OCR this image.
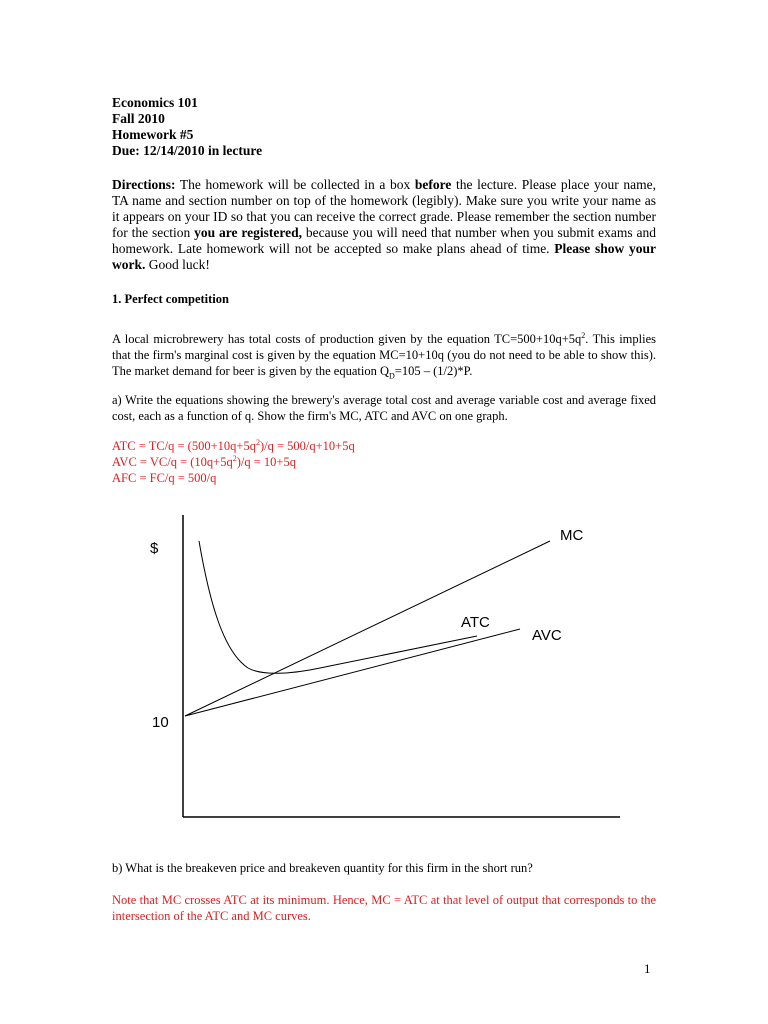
Economics 101
Fall 2010
Homework #5
Due: 12/14/2010 in lecture
Directions: The homework will be collected in a box before the lecture. Please place your name, TA name and section number on top of the homework (legibly). Make sure you write your name as it appears on your ID so that you can receive the correct grade. Please remember the section number for the section you are registered, because you will need that number when you submit exams and homework. Late homework will not be accepted so make plans ahead of time. Please show your work. Good luck!
1. Perfect competition
A local microbrewery has total costs of production given by the equation $TC=500+10q+5q^2$. This implies that the firm's marginal cost is given by the equation MC=10+10q (you do not need to be able to show this). The market demand for beer is given by the equation $Q_D=105 - (1/2)*P$.
a) Write the equations showing the brewery's average total cost and average variable cost and average fixed cost, each as a function of q. Show the firm's MC, ATC and AVC on one graph.
ATC = $TC/q = (500+10q+5q^2)/q = 500/q+10+5q$
AVC = $VC/q = (10q+5q^2)/q = 10+5q$
AFC = FC/q = 500/q
$
10
MC
ATC
AVC
b) What is the breakeven price and breakeven quantity for this firm in the short run?
Note that MC crosses ATC at its minimum. Hence, MC = ATC at that level of output that corresponds to the intersection of the ATC and MC curves.
1
